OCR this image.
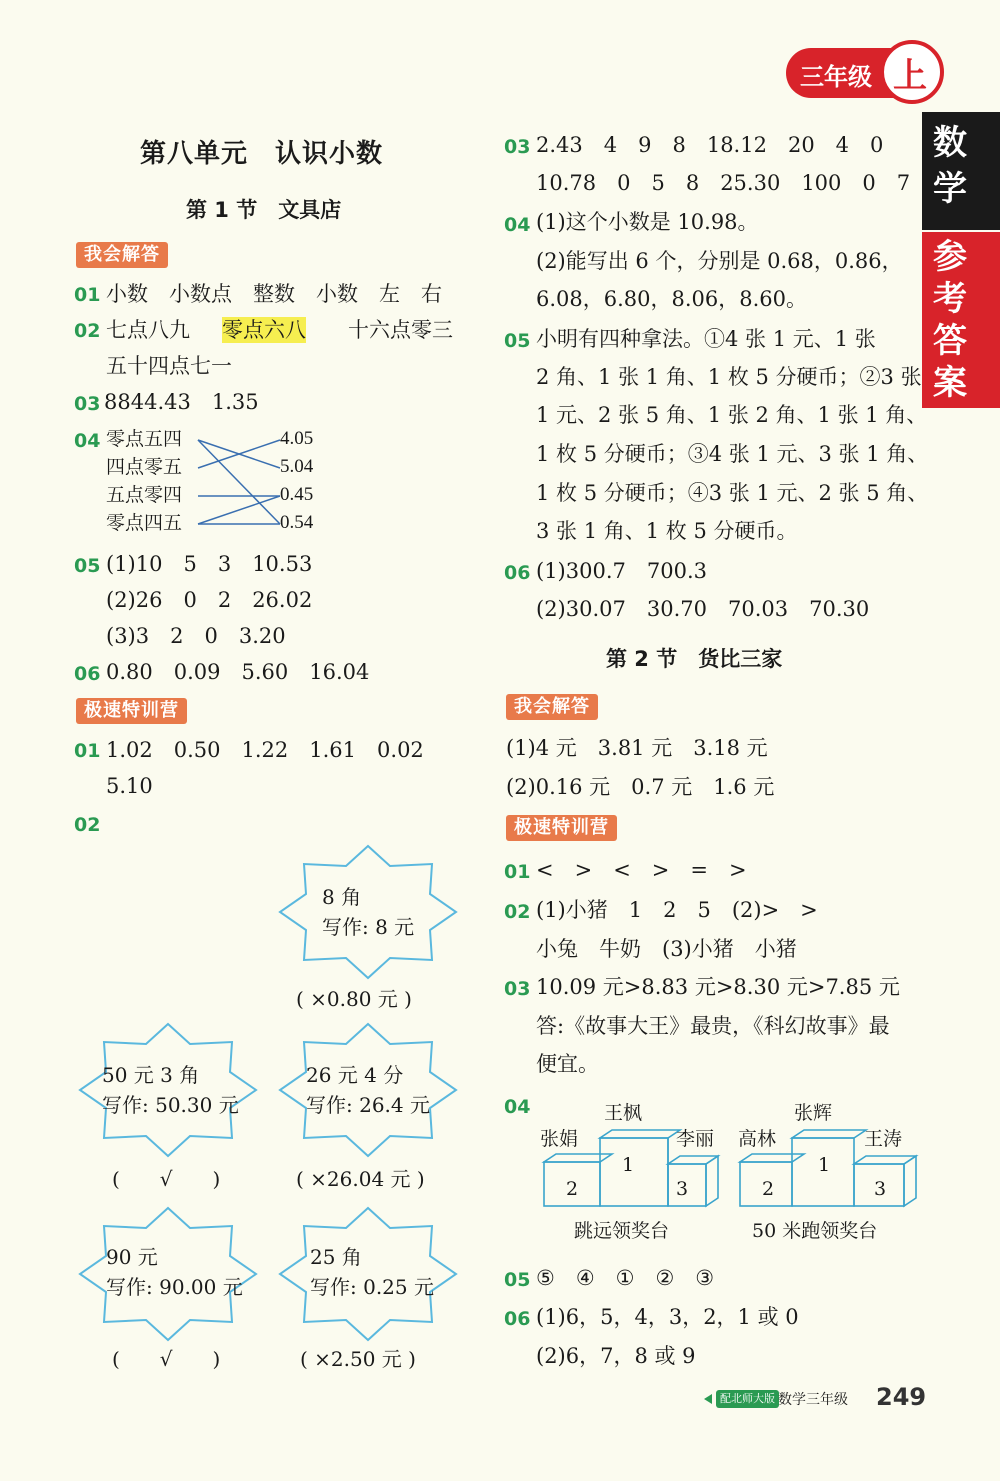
三年级 上
数学
参考答案
第八单元　认识小数
第 1 节　文具店
我会解答
01 小数　小数点　整数　小数　左　右
02 七点八九 零点六八 十六点零三
五十四点七一
03 8844.43　1.35
04 零点五四
四点零五
五点零四
零点四五
4.05
5.04
0.45
0.54
05 (1)10　5　3　10.53
(2)26　0　2　26.02
(3)3　2　0　3.20
06 0.80　0.09　5.60　16.04
极速特训营
01 1.02　0.50　1.22　1.61　0.02
5.10
02
8 角
写作: 8 元
( ×0.80 元 )
50 元 3 角
写作: 50.30 元
(　　√　　)
26 元 4 分
写作: 26.4 元
( ×26.04 元 )
90 元
写作: 90.00 元
(　　√　　)
25 角
写作: 0.25 元
( ×2.50 元 )
03 2.43　4　9　8　18.12　20　4　0
10.78　0　5　8　25.30　100　0　7
04 (1)这个小数是 10.98。
(2)能写出 6 个，分别是 0.68，0.86，
6.08，6.80，8.06，8.60。
05 小明有四种拿法。①4 张 1 元、1 张
2 角、1 张 1 角、1 枚 5 分硬币；②3 张
1 元、2 张 5 角、1 张 2 角、1 张 1 角、
1 枚 5 分硬币；③4 张 1 元、3 张 1 角、
1 枚 5 分硬币；④3 张 1 元、2 张 5 角、
3 张 1 角、1 枚 5 分硬币。
06 (1)300.7　700.3
(2)30.07　30.70　70.03　70.30
第 2 节　货比三家
我会解答
(1)4 元　3.81 元　3.18 元
(2)0.16 元　0.7 元　1.6 元
极速特训营
01 <　>　<　>　=　>
02 (1)小猪　1　2　5　(2)>　>
小兔　牛奶　(3)小猪　小猪
03 10.09 元>8.83 元>8.30 元>7.85 元
答:《故事大王》最贵，《科幻故事》最
便宜。
04	王枫
张娟	李丽
1
2	3
跳远领奖台
张辉
高林	王涛
1
2	3
50 米跑领奖台
05 ⑤　④　①　②　③
06 (1)6，5，4，3，2，1 或 0
(2)6，7，8 或 9
配北师大版 数学三年级 249
